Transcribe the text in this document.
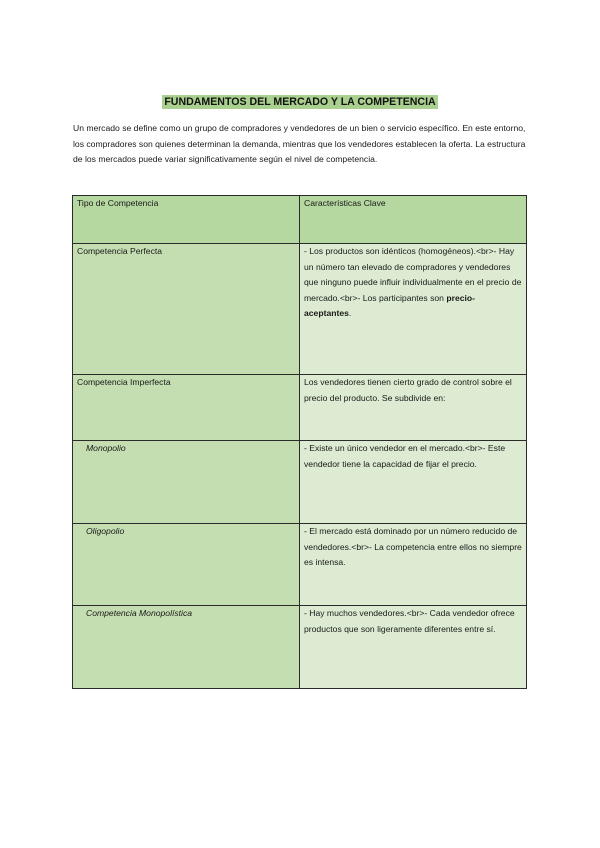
FUNDAMENTOS DEL MERCADO Y LA COMPETENCIA

Un mercado se define como un grupo de compradores y vendedores de un bien o servicio específico. En este entorno, los compradores son quienes determinan la demanda, mientras que los vendedores establecen la oferta. La estructura de los mercados puede variar significativamente según el nivel de competencia.

Tipo de Competencia	Características Clave
Competencia Perfecta	- Los productos son idénticos (homogéneos).<br>- Hay un número tan elevado de compradores y vendedores que ninguno puede influir individualmente en el precio de mercado.<br>- Los participantes son precio-aceptantes.
Competencia Imperfecta	Los vendedores tienen cierto grado de control sobre el precio del producto. Se subdivide en:
Monopolio	- Existe un único vendedor en el mercado.<br>- Este vendedor tiene la capacidad de fijar el precio.
Oligopolio	- El mercado está dominado por un número reducido de vendedores.<br>- La competencia entre ellos no siempre es intensa.
Competencia Monopolística	- Hay muchos vendedores.<br>- Cada vendedor ofrece productos que son ligeramente diferentes entre sí.
